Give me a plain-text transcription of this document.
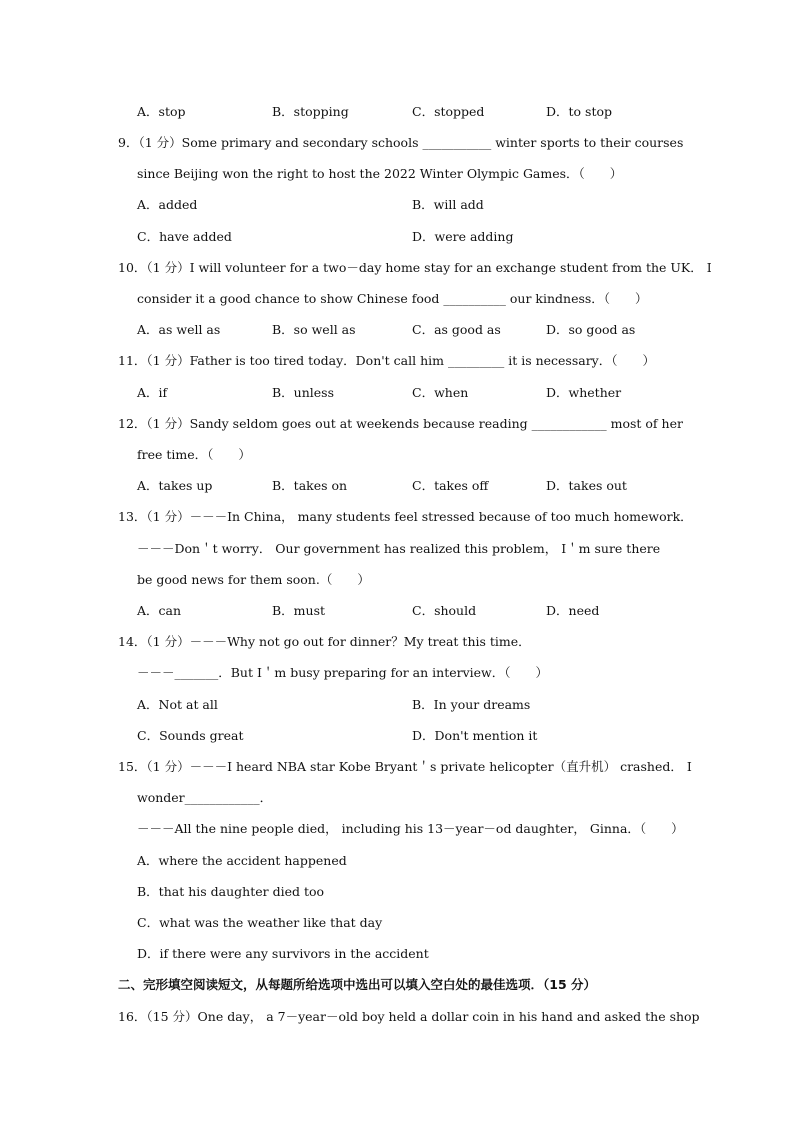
A．stop	B．stopping	C．stopped	D．to stop
9．（1 分）Some primary and secondary schools ___________ winter sports to their courses
since Beijing won the right to host the 2022 Winter Olympic Games．（　　）
A．added	B．will add
C．have added	D．were adding
10．（1 分）I will volunteer for a two－day home stay for an exchange student from the UK． I
consider it a good chance to show Chinese food __________ our kindness．（　　）
A．as well as	B．so well as	C．as good as	D．so good as
11．（1 分）Father is too tired today．Don't call him _________ it is necessary．（　　）
A．if	B．unless	C．when	D．whether
12．（1 分）Sandy seldom goes out at weekends because reading ____________ most of her
free time．（　　）
A．takes up	B．takes on	C．takes off	D．takes out
13．（1 分）－－－In China， many students feel stressed because of too much homework．
－－－Don＇t worry． Our government has realized this problem， I＇m sure there
be good news for them soon.（　　）
A．can	B．must	C．should	D．need
14．（1 分）－－－Why not go out for dinner？My treat this time．
－－－_______．But I＇m busy preparing for an interview．（　　）
A．Not at all	B．In your dreams
C．Sounds great	D．Don't mention it
15．（1 分）－－－I heard NBA star Kobe Bryant＇s private helicopter（直升机） crashed． I
wonder____________．
－－－All the nine people died， including his 13－year－od daughter， Ginna．（　　）
A．where the accident happened
B．that his daughter died too
C．what was the weather like that day
D．if there were any survivors in the accident
二、完形填空阅读短文，从每题所给选项中选出可以填入空白处的最佳选项．（15 分）
16．（15 分）One day， a 7－year－old boy held a dollar coin in his hand and asked the shop
